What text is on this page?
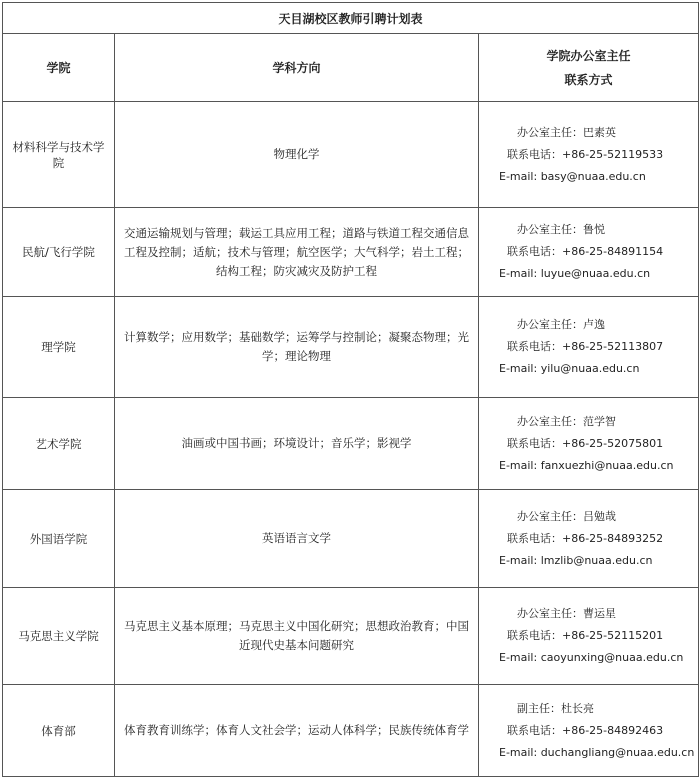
天目湖校区教师引聘计划表		
学院	学科方向	学院办公室主任
联系方式

材料科学与技术学院	物理化学	办公室主任：巴素英
联系电话：+86-25-52119533
E-mail: basy@nuaa.edu.cn

民航/飞行学院	交通运输规划与管理；载运工具应用工程；道路与铁道工程交通信息工程及控制；适航；技术与管理；航空医学；大气科学；岩土工程；结构工程；防灾减灾及防护工程	办公室主任：鲁悦
联系电话：+86-25-84891154
E-mail: luyue@nuaa.edu.cn

理学院	计算数学；应用数学；基础数学；运筹学与控制论；凝聚态物理；光学；理论物理	办公室主任：卢逸
联系电话：+86-25-52113807
E-mail: yilu@nuaa.edu.cn

艺术学院	油画或中国书画；环境设计；音乐学；影视学	办公室主任：范学智
联系电话：+86-25-52075801
E-mail: fanxuezhi@nuaa.edu.cn

外国语学院	英语语言文学	办公室主任：吕勉哉
联系电话：+86-25-84893252
E-mail: lmzlib@nuaa.edu.cn

马克思主义学院	马克思主义基本原理；马克思主义中国化研究；思想政治教育；中国近现代史基本问题研究	办公室主任：曹运星
联系电话：+86-25-52115201
E-mail: caoyunxing@nuaa.edu.cn

体育部	体育教育训练学；体育人文社会学；运动人体科学；民族传统体育学	副主任：杜长亮
联系电话：+86-25-84892463
E-mail: duchangliang@nuaa.edu.cn
